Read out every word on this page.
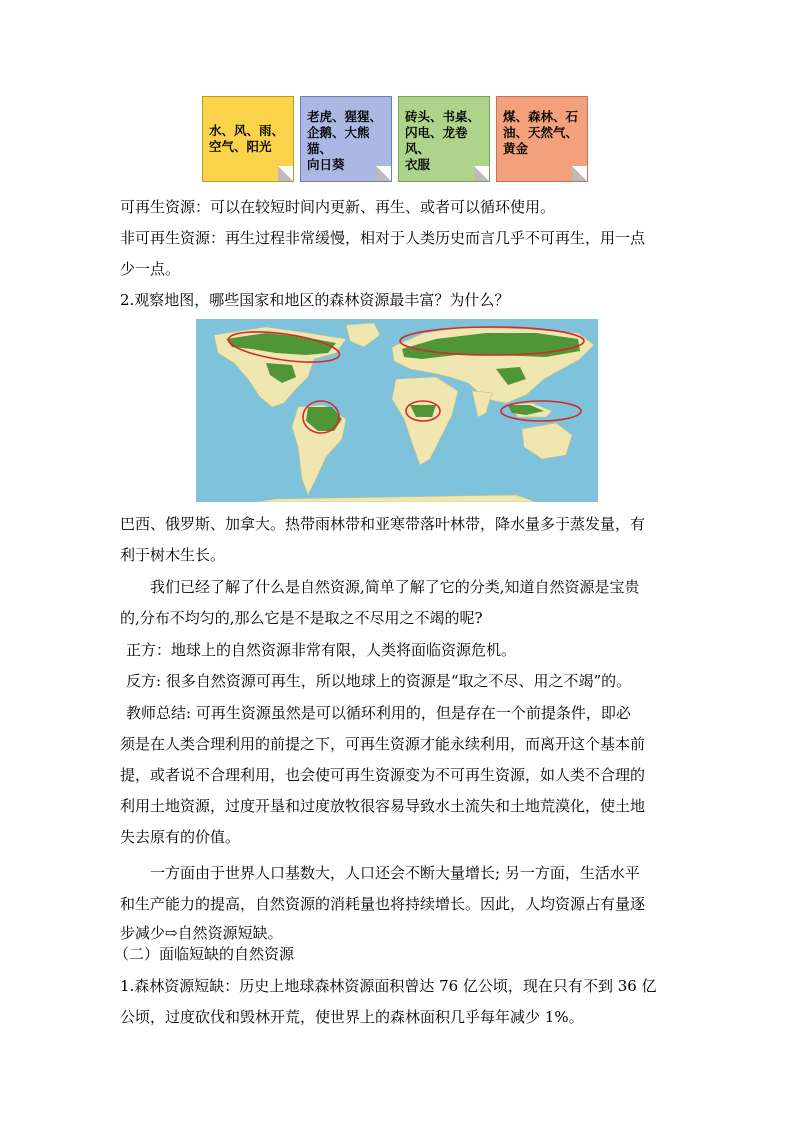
水、风、雨、
空气、阳光
老虎、猩猩、
企鹅、大熊猫、
向日葵
砖头、书桌、
闪电、龙卷风、
衣服
煤、森林、石
油、天然气、
黄金
可再生资源：可以在较短时间内更新、再生、或者可以循环使用。
非可再生资源：再生过程非常缓慢，相对于人类历史而言几乎不可再生，用一点
少一点。
2.观察地图，哪些国家和地区的森林资源最丰富？为什么？
巴西、俄罗斯、加拿大。热带雨林带和亚寒带落叶林带，降水量多于蒸发量，有
利于树木生长。
我们已经了解了什么是自然资源,简单了解了它的分类,知道自然资源是宝贵
的,分布不均匀的,那么它是不是取之不尽用之不竭的呢?
正方：地球上的自然资源非常有限，人类将面临资源危机。
反方: 很多自然资源可再生，所以地球上的资源是“取之不尽、用之不竭”的。
教师总结: 可再生资源虽然是可以循环利用的，但是存在一个前提条件，即必
须是在人类合理利用的前提之下，可再生资源才能永续利用，而离开这个基本前
提，或者说不合理利用，也会使可再生资源变为不可再生资源，如人类不合理的
利用土地资源，过度开垦和过度放牧很容易导致水土流失和土地荒漠化，使土地
失去原有的价值。
一方面由于世界人口基数大，人口还会不断大量增长; 另一方面，生活水平
和生产能力的提高，自然资源的消耗量也将持续增长。因此，人均资源占有量逐
步减少⇨自然资源短缺。
（二）面临短缺的自然资源
1.森林资源短缺：历史上地球森林资源面积曾达 76 亿公顷，现在只有不到 36 亿
公顷，过度砍伐和毁林开荒，使世界上的森林面积几乎每年减少 1%。
